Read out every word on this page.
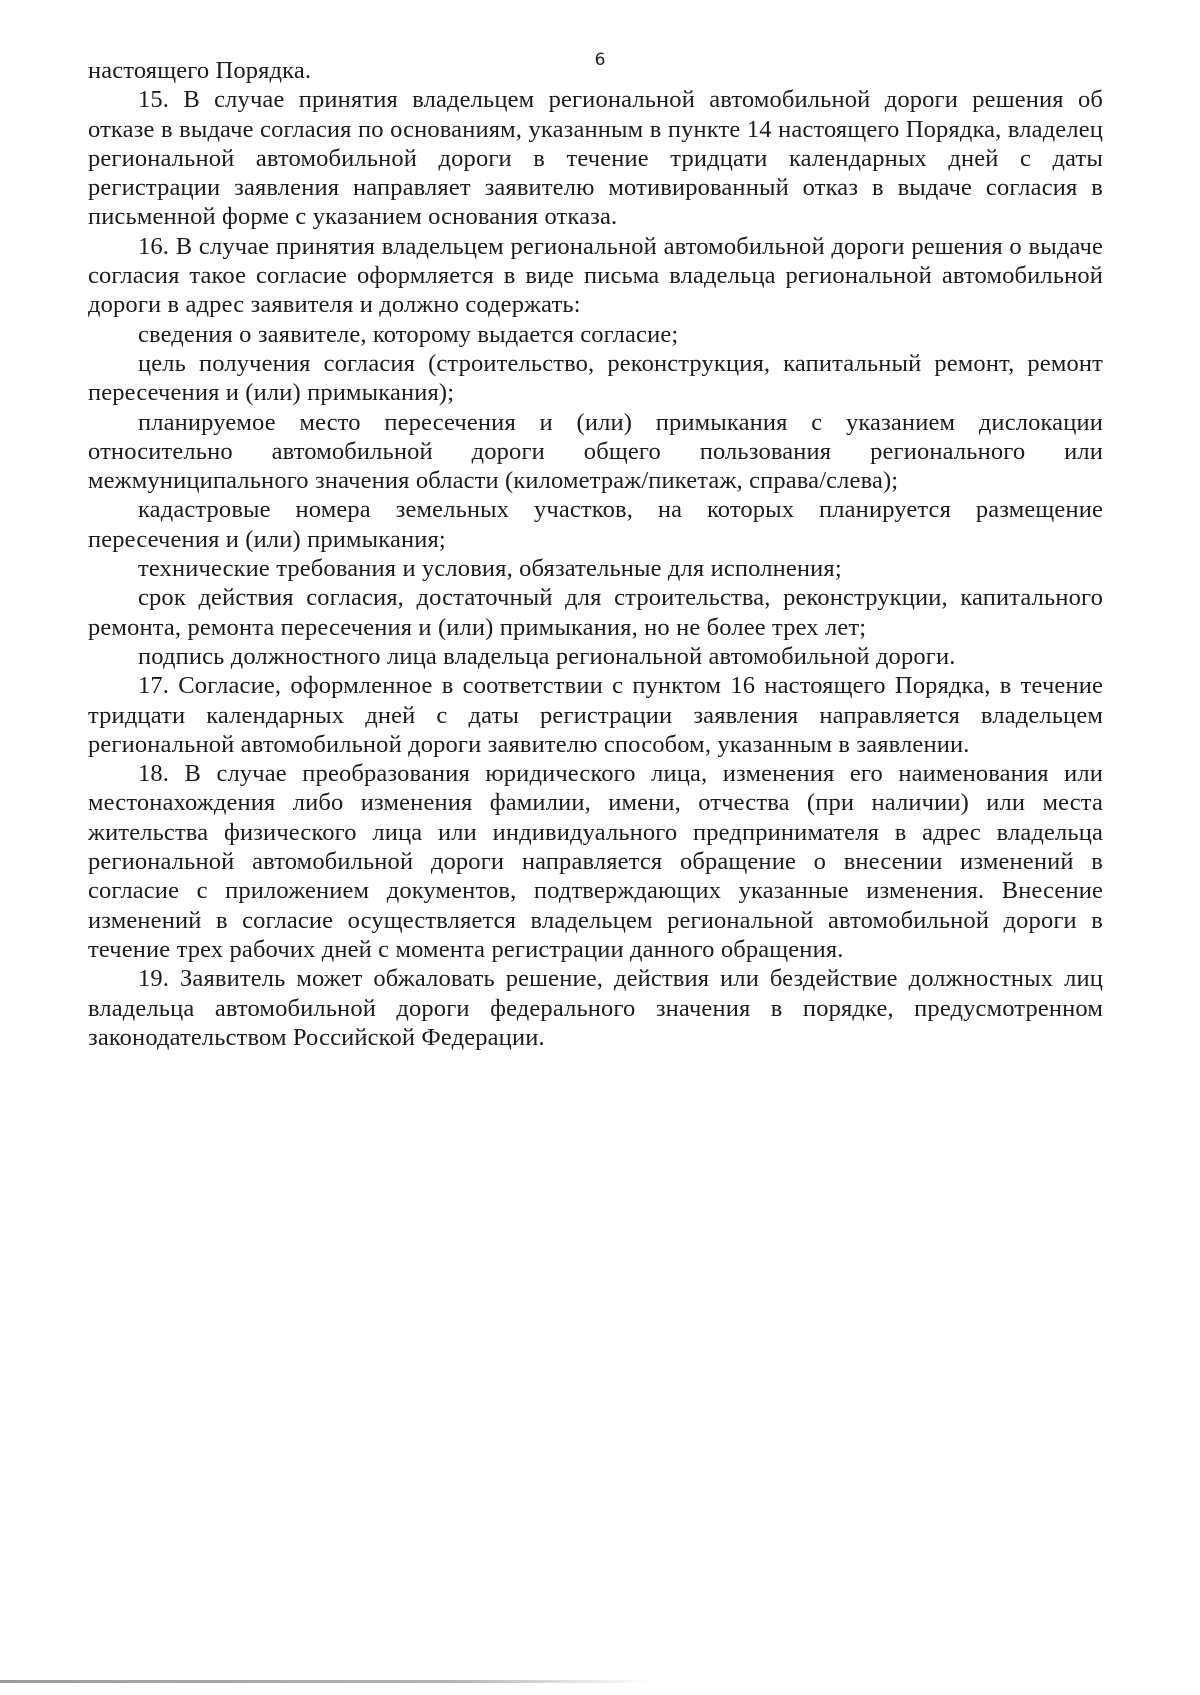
6

настоящего Порядка.

15. В случае принятия владельцем региональной автомобильной дороги решения об отказе в выдаче согласия по основаниям, указанным в пункте 14 настоящего Порядка, владелец региональной автомобильной дороги в течение тридцати календарных дней с даты регистрации заявления направляет заявителю мотивированный отказ в выдаче согласия в письменной форме с указанием основания отказа.

16. В случае принятия владельцем региональной автомобильной дороги решения о выдаче согласия такое согласие оформляется в виде письма владельца региональной автомобильной дороги в адрес заявителя и должно содержать:

сведения о заявителе, которому выдается согласие;

цель получения согласия (строительство, реконструкция, капитальный ремонт, ремонт пересечения и (или) примыкания);

планируемое место пересечения и (или) примыкания с указанием дислокации относительно автомобильной дороги общего пользования регионального или межмуниципального значения области (километраж/пикетаж, справа/слева);

кадастровые номера земельных участков, на которых планируется размещение пересечения и (или) примыкания;

технические требования и условия, обязательные для исполнения;

срок действия согласия, достаточный для строительства, реконструкции, капитального ремонта, ремонта пересечения и (или) примыкания, но не более трех лет;

подпись должностного лица владельца региональной автомобильной дороги.

17. Согласие, оформленное в соответствии с пунктом 16 настоящего Порядка, в течение тридцати календарных дней с даты регистрации заявления направляется владельцем региональной автомобильной дороги заявителю способом, указанным в заявлении.

18. В случае преобразования юридического лица, изменения его наименования или местонахождения либо изменения фамилии, имени, отчества (при наличии) или места жительства физического лица или индивидуального предпринимателя в адрес владельца региональной автомобильной дороги направляется обращение о внесении изменений в согласие с приложением документов, подтверждающих указанные изменения. Внесение изменений в согласие осуществляется владельцем региональной автомобильной дороги в течение трех рабочих дней с момента регистрации данного обращения.

19. Заявитель может обжаловать решение, действия или бездействие должностных лиц владельца автомобильной дороги федерального значения в порядке, предусмотренном законодательством Российской Федерации.
